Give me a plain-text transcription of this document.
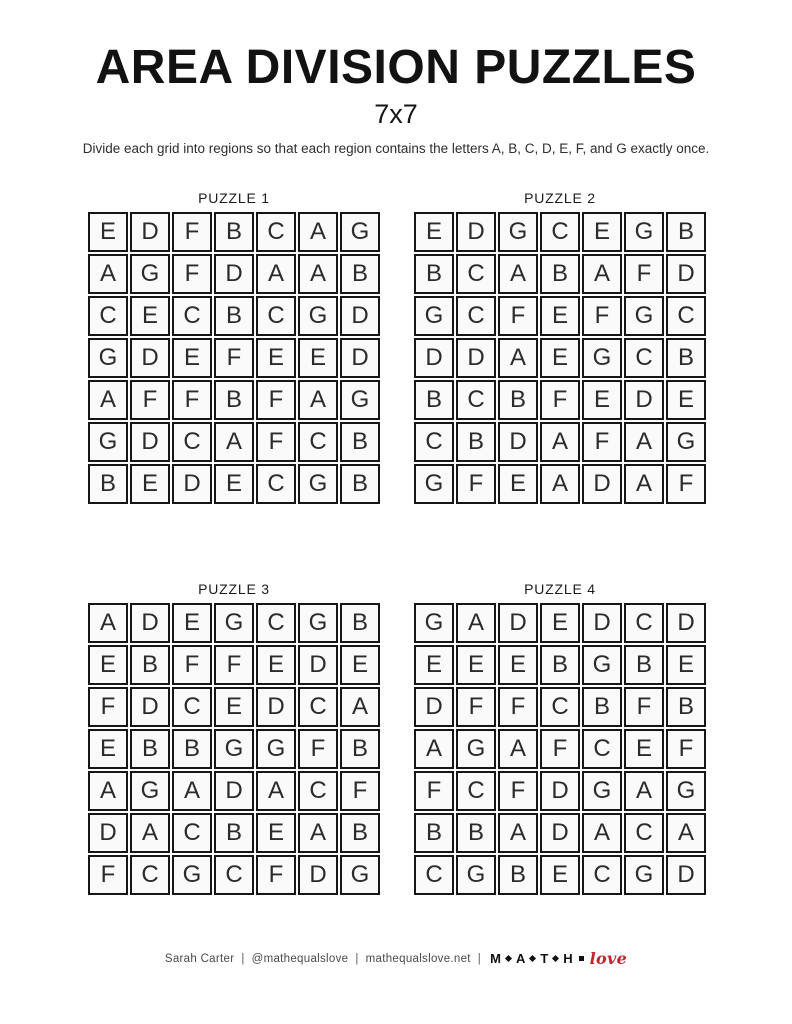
AREA DIVISION PUZZLES
7x7
Divide each grid into regions so that each region contains the letters A, B, C, D, E, F, and G exactly once.
PUZZLE 1
E	D	F	B	C	A	G
A	G	F	D	A	A	B
C	E	C	B	C G	D
G	D	E	F	E	E	D
A	F	F	B	F	A	G
G	D	C	A	F	C	B
B	E	D	E	C G	B
PUZZLE 2
E	D G	C	E	G	B
B	C	A	B	A	F	D
G	C	F	E	F	G	C
D	D	A	E	G	C	B
B	C	B	F	E	D	E
C	B	D	A	F	A	G
G	F	E	A	D	A	F
PUZZLE 3
A	D	E	G	C G	B
E	B	F	F	E	D	E
F	D	C	E	D	C	A
E	B	B	G G	F	B
A	G	A	D	A	C	F
D	A	C	B	E	A	B
F	C G	C	F	D G
PUZZLE 4
G	A	D	E	D	C	D
E	E	E	B	G	B	E
D	F	F	C	B	F	B
A	G	A	F	C	E	F
F	C	F	D G	A	G
B	B	A	D	A	C	A
C G	B	E	C G	D
Sarah Carter | @mathequalslove | mathequalslove.net | M A T H love
